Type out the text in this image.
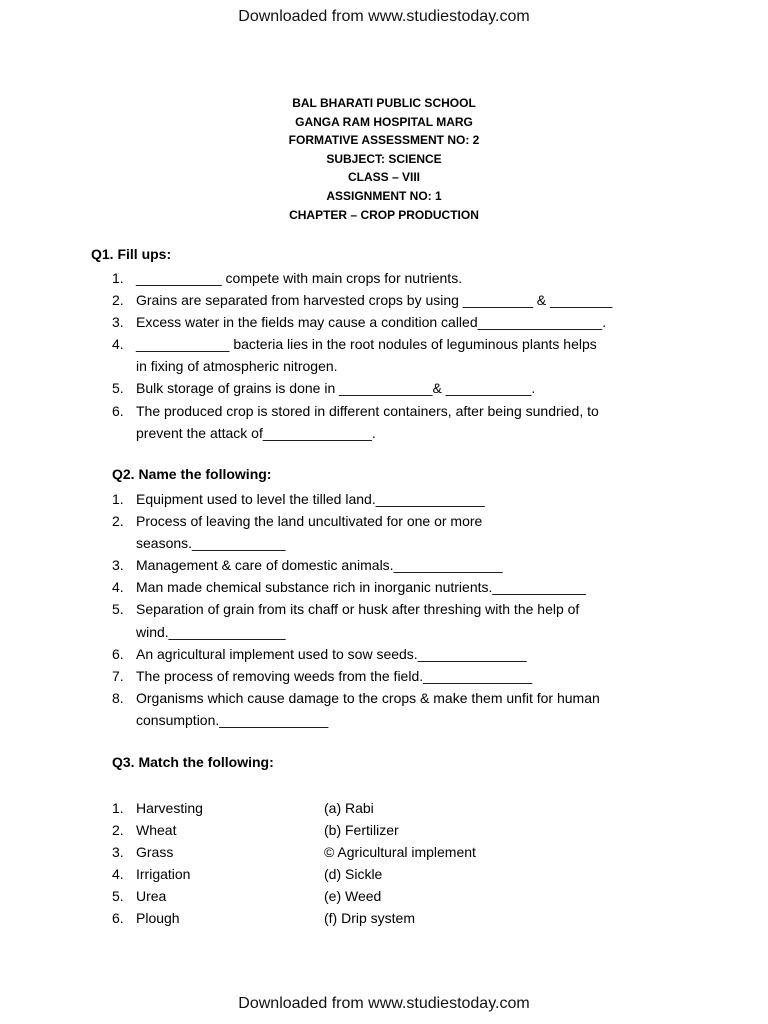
Downloaded from www.studiestoday.com
BAL BHARATI PUBLIC SCHOOL
GANGA RAM HOSPITAL MARG
FORMATIVE ASSESSMENT NO: 2
SUBJECT: SCIENCE
CLASS – VIII
ASSIGNMENT NO: 1
CHAPTER – CROP PRODUCTION
Q1. Fill ups:
1. ___________ compete with main crops for nutrients.
2. Grains are separated from harvested crops by using _________ & ________
3. Excess water in the fields may cause a condition called________________.
4. ____________ bacteria lies in the root nodules of leguminous plants helps
in fixing of atmospheric nitrogen.
5. Bulk storage of grains is done in ____________& ___________.
6. The produced crop is stored in different containers, after being sundried, to
prevent the attack of______________.
Q2. Name the following:
1. Equipment used to level the tilled land.______________
2. Process of leaving the land uncultivated for one or more
seasons.____________
3. Management & care of domestic animals.______________
4. Man made chemical substance rich in inorganic nutrients.____________
5. Separation of grain from its chaff or husk after threshing with the help of
wind._______________
6. An agricultural implement used to sow seeds.______________
7. The process of removing weeds from the field.______________
8. Organisms which cause damage to the crops & make them unfit for human
consumption.______________
Q3. Match the following:
1. Harvesting	(a) Rabi
2. Wheat	(b) Fertilizer
3. Grass	© Agricultural implement
4. Irrigation	(d) Sickle
5. Urea	(e) Weed
6. Plough	(f) Drip system
Downloaded from www.studiestoday.com
